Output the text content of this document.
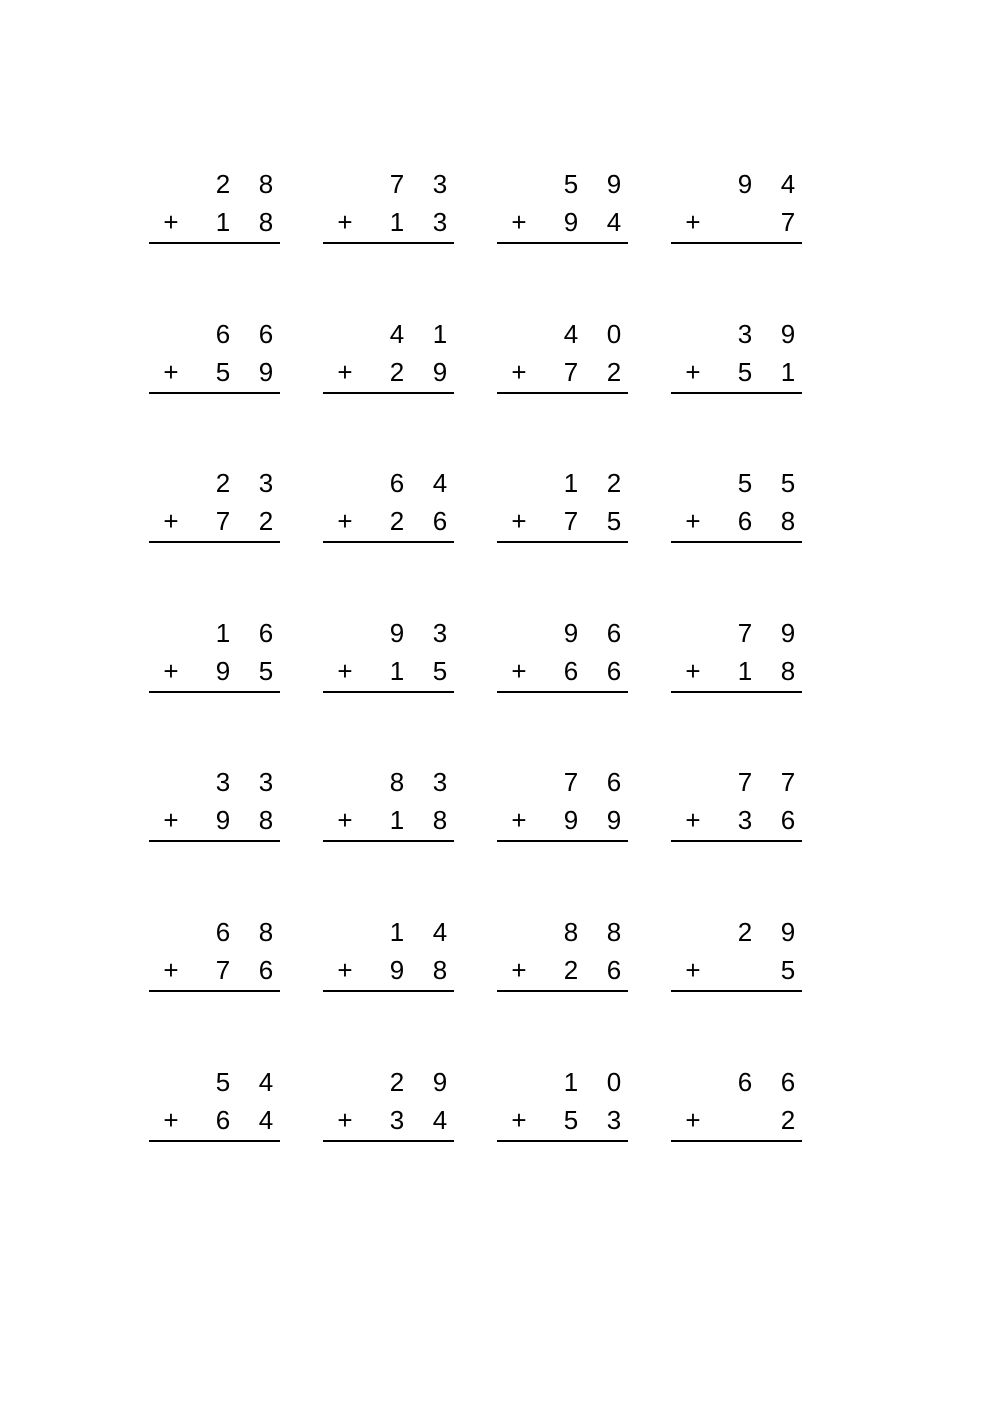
2 8
+ 1 8
7 3
+ 1 3
5 9
+ 9 4
9 4
+	7
6 6
+ 5 9
4 1
+ 2 9
4 0
+ 7 2
3 9
+ 5 1
2 3
+ 7 2
6 4
+ 2 6
1 2
+ 7 5
5 5
+ 6 8
1 6
+ 9 5
9 3
+ 1 5
9 6
+ 6 6
7 9
+ 1 8
3 3
+ 9 8
8 3
+ 1 8
7 6
+ 9 9
7 7
+ 3 6
6 8
+ 7 6
1 4
+ 9 8
8 8
+ 2 6
2 9
+	5
5 4
+ 6 4
2 9
+ 3 4
1 0
+ 5 3
6 6
+	2
